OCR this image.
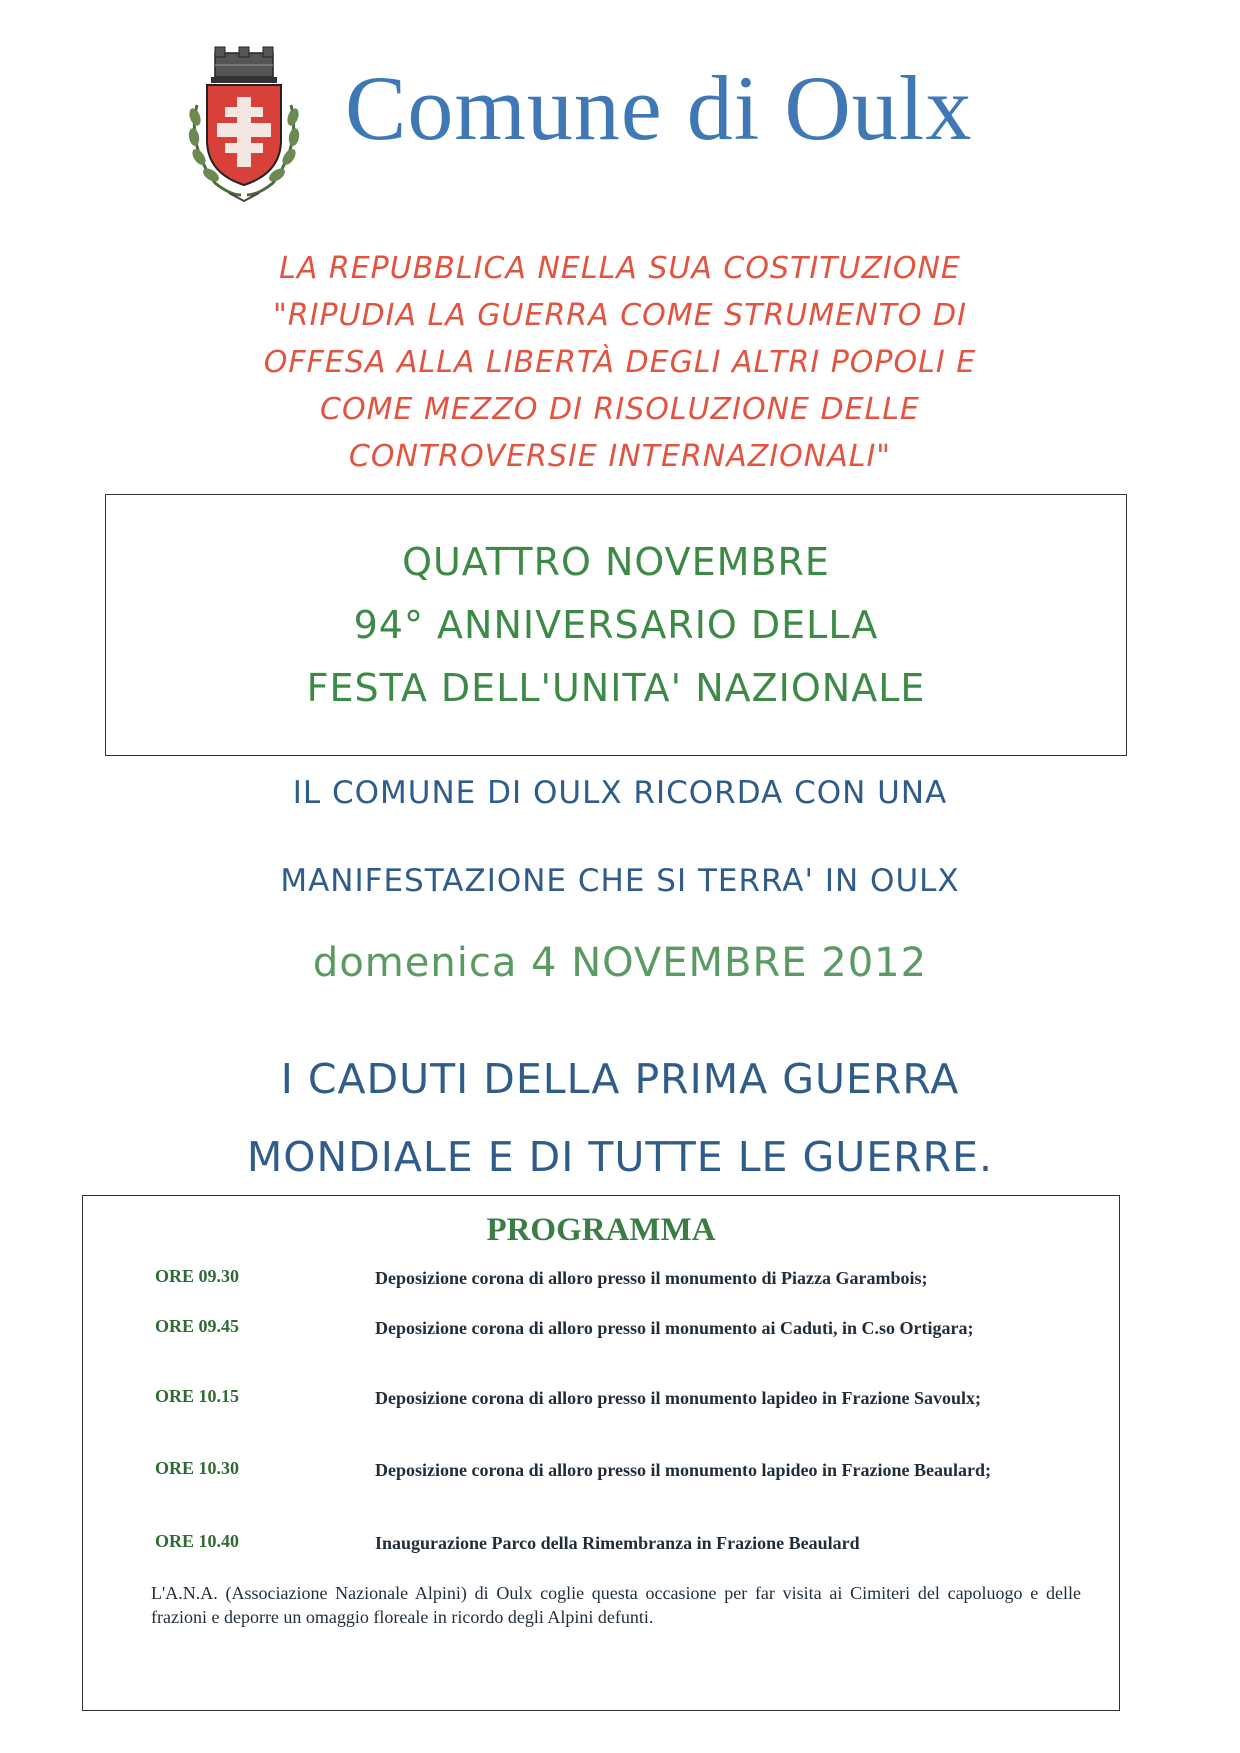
Comune di Oulx
LA REPUBBLICA NELLA SUA COSTITUZIONE
"RIPUDIA LA GUERRA COME STRUMENTO DI
OFFESA ALLA LIBERTÀ DEGLI ALTRI POPOLI E
COME MEZZO DI RISOLUZIONE DELLE
CONTROVERSIE INTERNAZIONALI"
QUATTRO NOVEMBRE
94° ANNIVERSARIO DELLA
FESTA DELL'UNITA' NAZIONALE
IL COMUNE DI OULX RICORDA CON UNA
MANIFESTAZIONE CHE SI TERRA' IN OULX
domenica 4 NOVEMBRE 2012
I CADUTI DELLA PRIMA GUERRA
MONDIALE E DI TUTTE LE GUERRE.
PROGRAMMA
ORE 09.30	Deposizione corona di alloro presso il monumento di Piazza Garambois;
ORE 09.45	Deposizione corona di alloro presso il monumento ai Caduti, in C.so Ortigara;
ORE 10.15	Deposizione corona di alloro presso il monumento lapideo in Frazione Savoulx;
ORE 10.30	Deposizione corona di alloro presso il monumento lapideo in Frazione Beaulard;
ORE 10.40	Inaugurazione Parco della Rimembranza in Frazione Beaulard
L'A.N.A. (Associazione Nazionale Alpini) di Oulx coglie questa occasione per far visita ai Cimiteri del capoluogo e delle frazioni e deporre un omaggio floreale in ricordo degli Alpini defunti.
